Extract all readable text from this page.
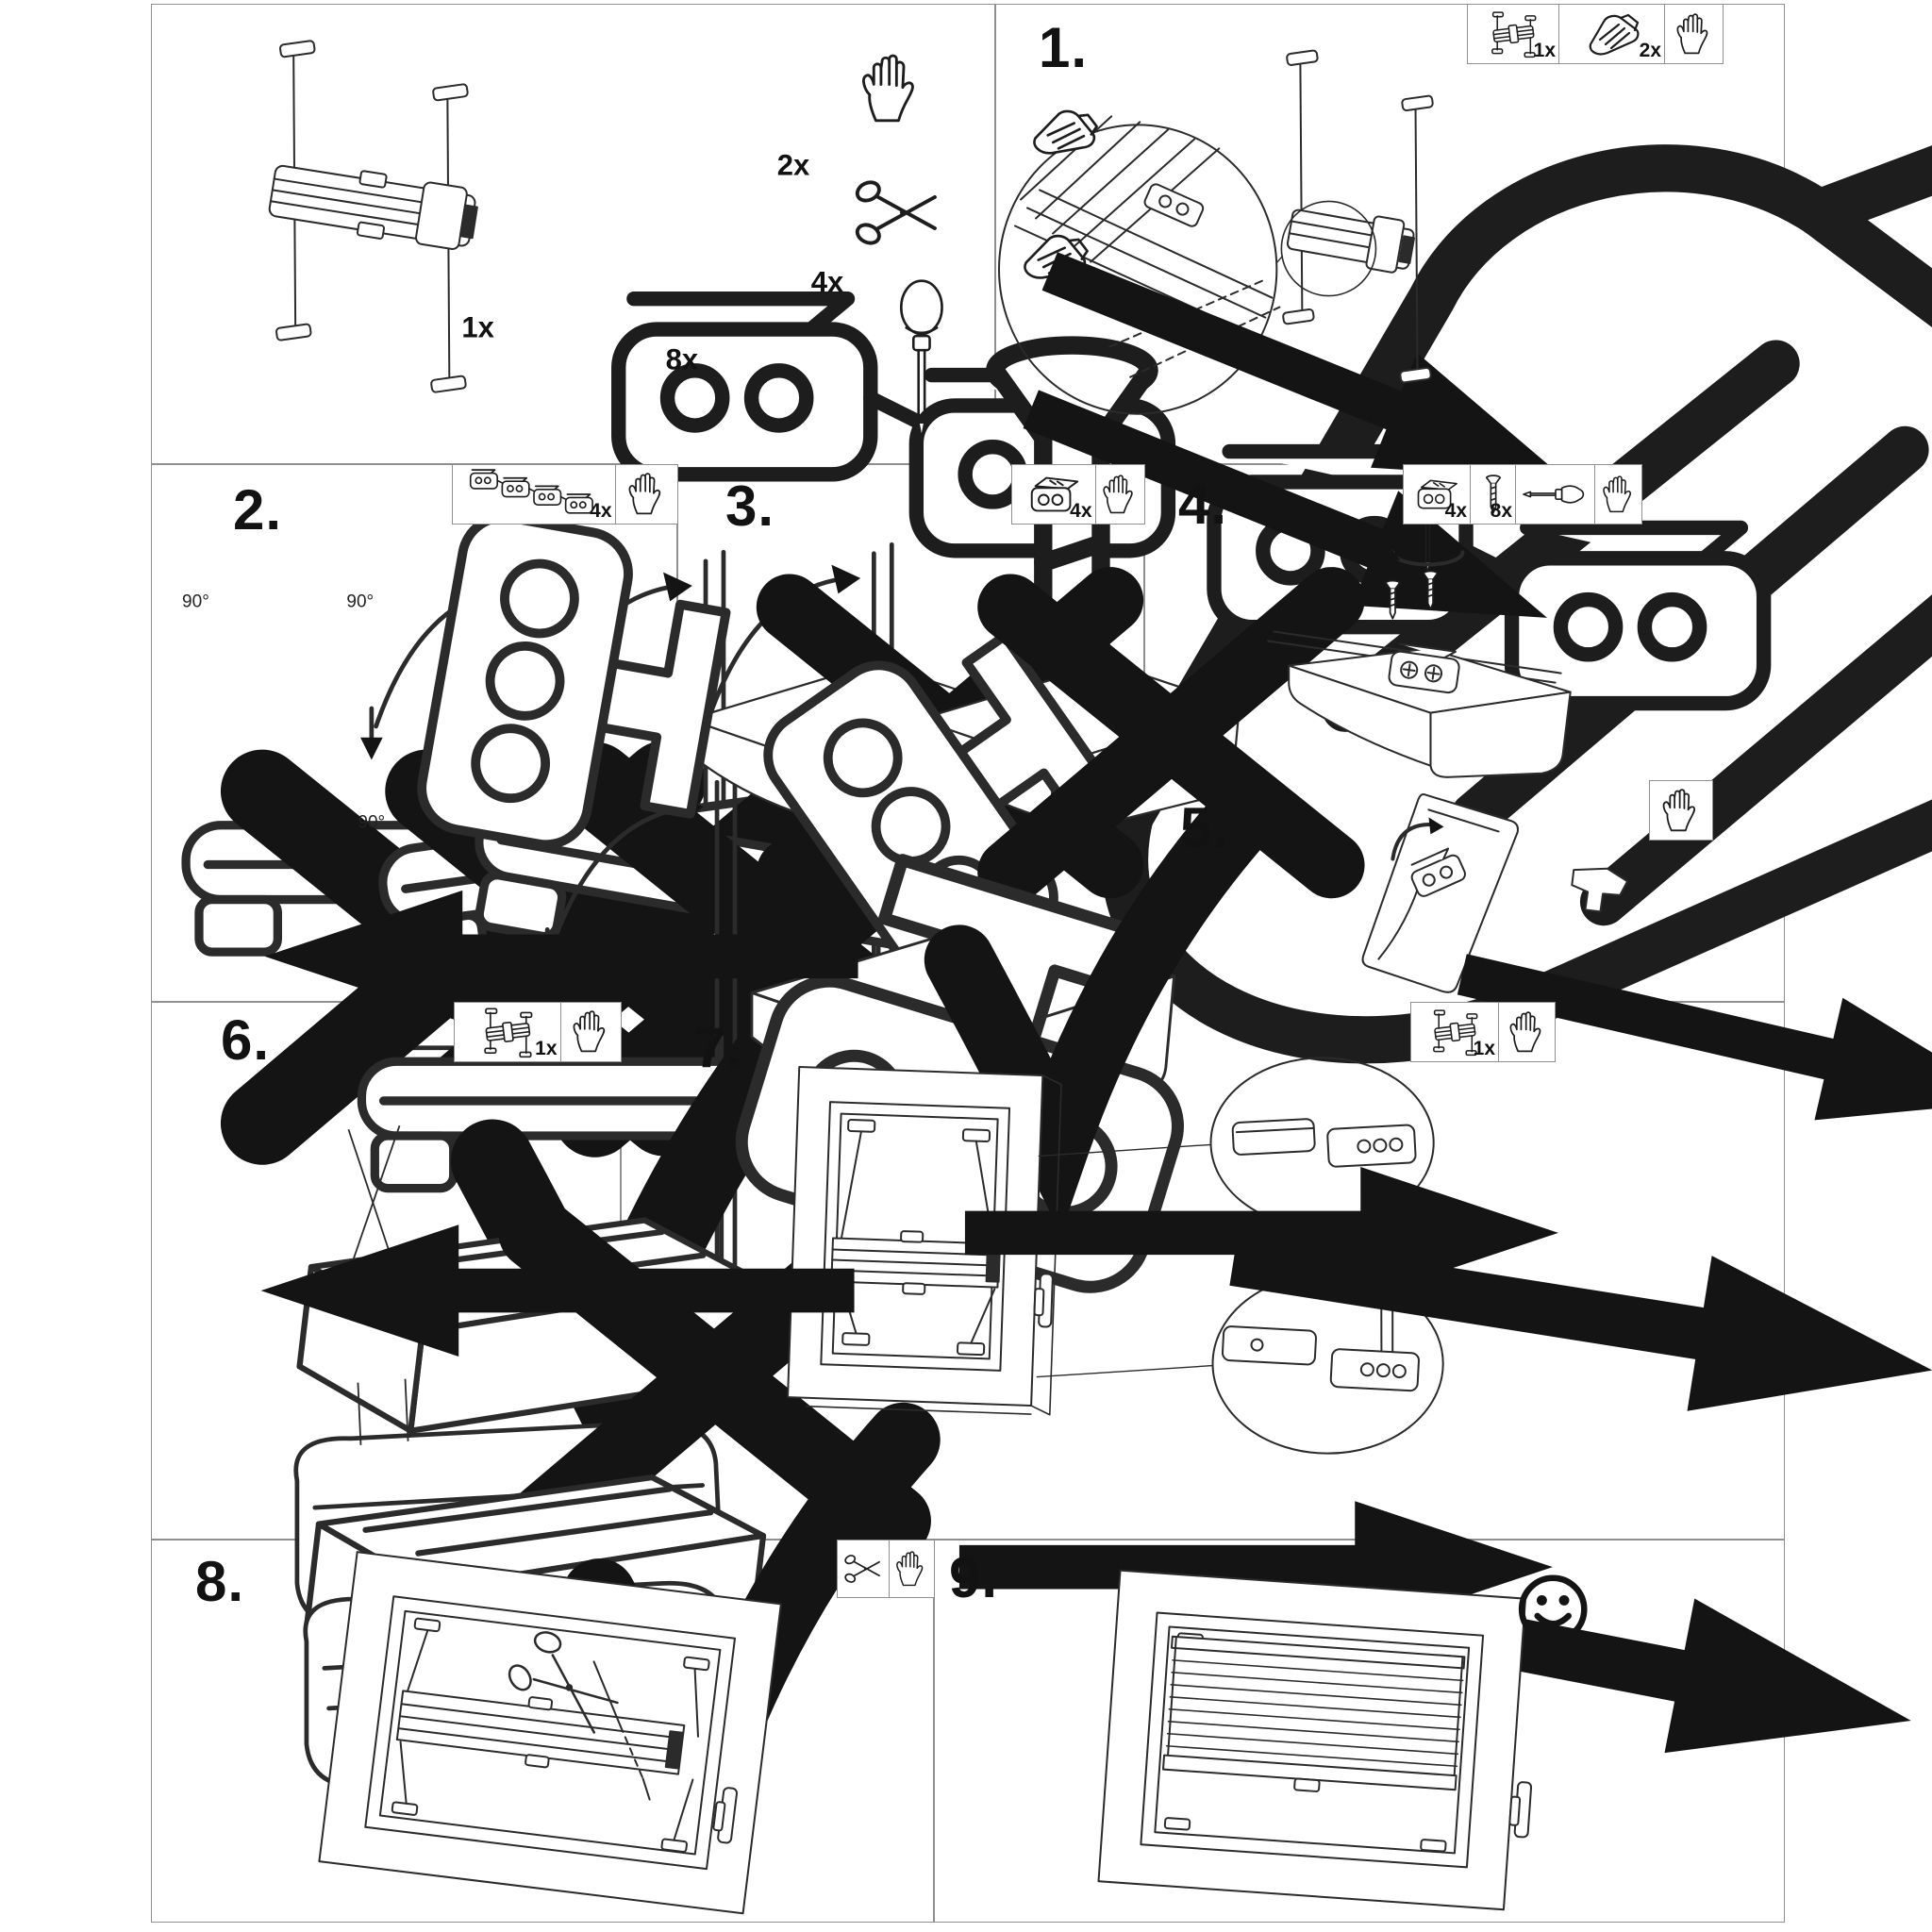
1x
2x
4x
8x
1.	1x	2x
2.	4x
90°	90°
90°
3.	4x 4.	4x 8x
5.
6.	1x 7.	1x
8.	9.
